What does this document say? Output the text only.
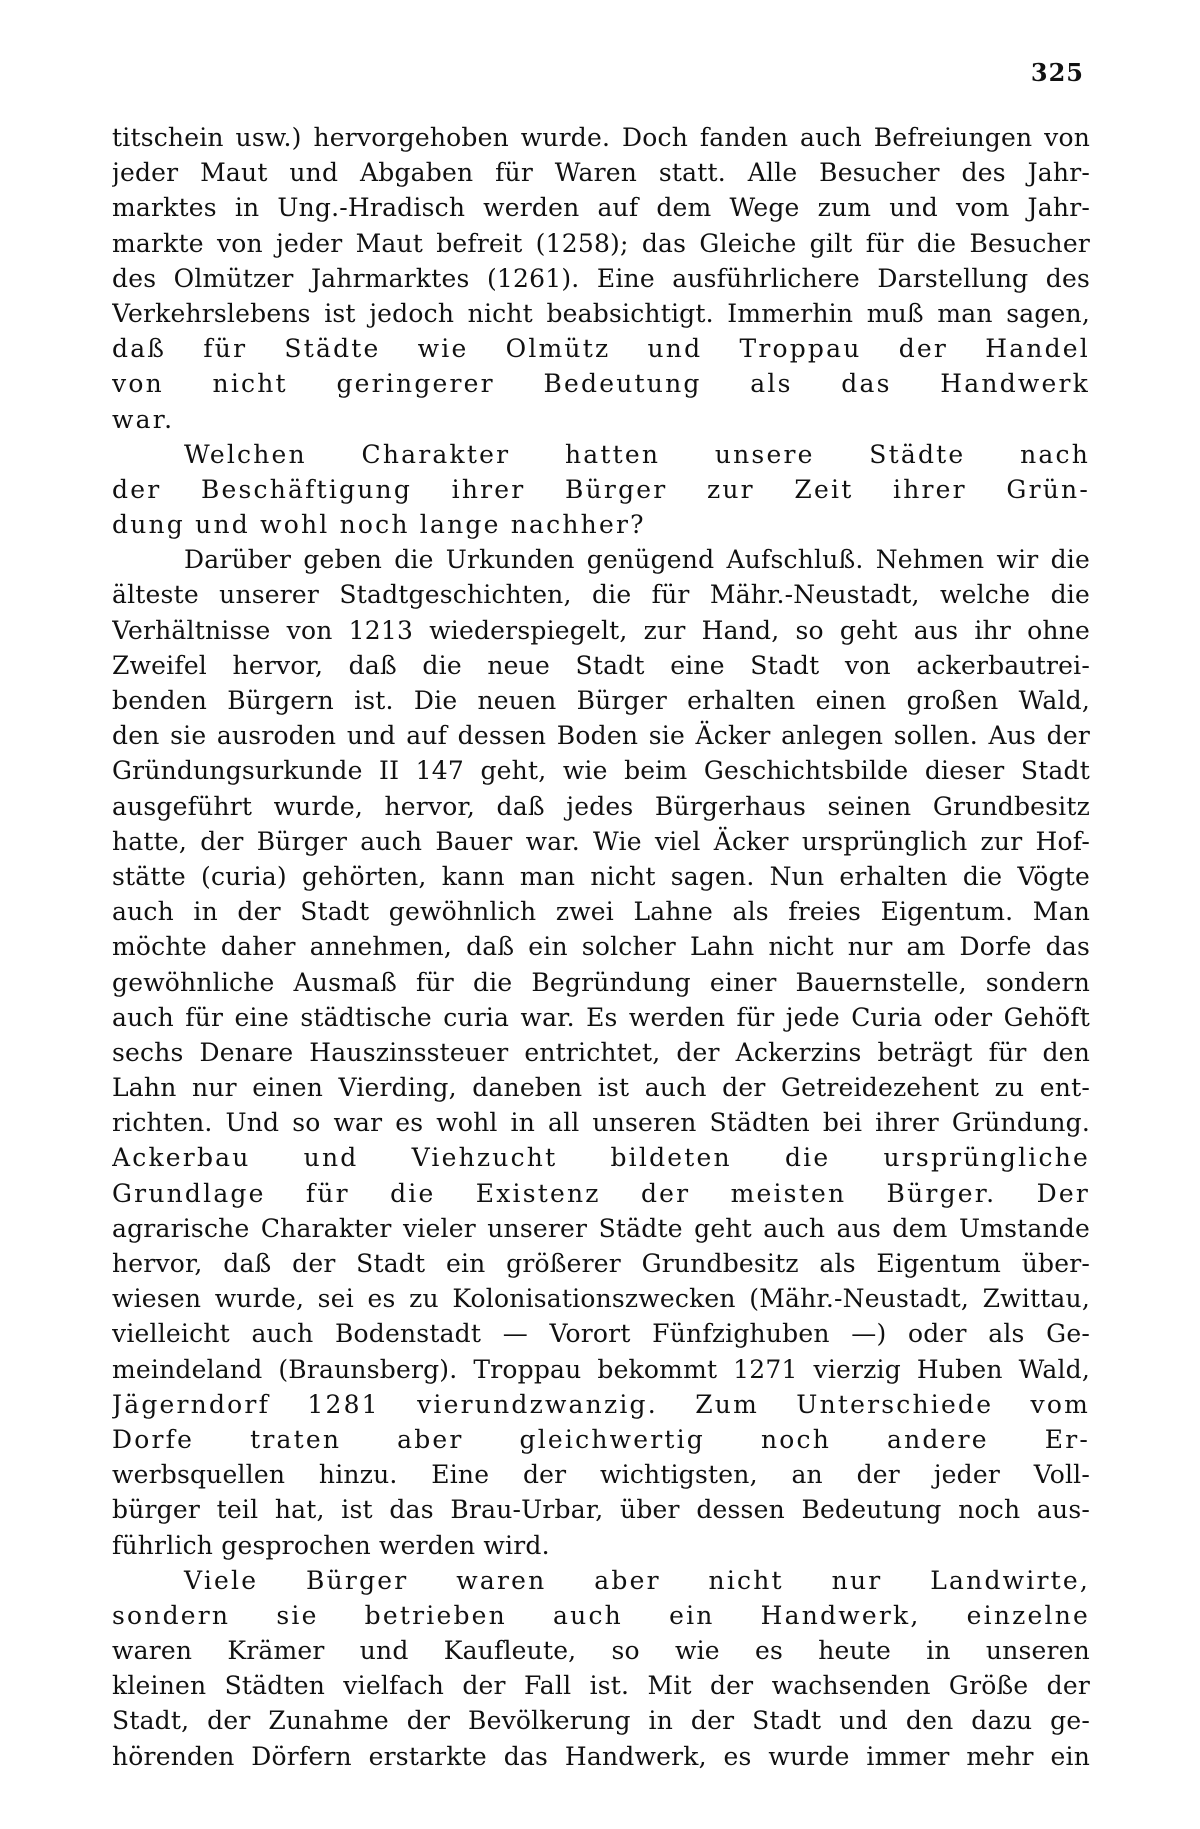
325
titschein usw.) hervorgehoben wurde. Doch fanden auch Befreiungen von
jeder Maut und Abgaben für Waren statt. Alle Besucher des Jahr-
marktes in Ung.-Hradisch werden auf dem Wege zum und vom Jahr-
markte von jeder Maut befreit (1258); das Gleiche gilt für die Besucher
des Olmützer Jahrmarktes (1261). Eine ausführlichere Darstellung des
Verkehrslebens ist jedoch nicht beabsichtigt. Immerhin muß man sagen,
daß für Städte wie Olmütz und Troppau der Handel
von nicht geringerer Bedeutung als das Handwerk
war.
Welchen Charakter hatten unsere Städte nach
der Beschäftigung ihrer Bürger zur Zeit ihrer Grün-
dung und wohl noch lange nachher?
Darüber geben die Urkunden genügend Aufschluß. Nehmen wir die
älteste unserer Stadtgeschichten, die für Mähr.-Neustadt, welche die
Verhältnisse von 1213 wiederspiegelt, zur Hand, so geht aus ihr ohne
Zweifel hervor, daß die neue Stadt eine Stadt von ackerbautrei-
benden Bürgern ist. Die neuen Bürger erhalten einen großen Wald,
den sie ausroden und auf dessen Boden sie Äcker anlegen sollen. Aus der
Gründungsurkunde II 147 geht, wie beim Geschichtsbilde dieser Stadt
ausgeführt wurde, hervor, daß jedes Bürgerhaus seinen Grundbesitz
hatte, der Bürger auch Bauer war. Wie viel Äcker ursprünglich zur Hof-
stätte (curia) gehörten, kann man nicht sagen. Nun erhalten die Vögte
auch in der Stadt gewöhnlich zwei Lahne als freies Eigentum. Man
möchte daher annehmen, daß ein solcher Lahn nicht nur am Dorfe das
gewöhnliche Ausmaß für die Begründung einer Bauernstelle, sondern
auch für eine städtische curia war. Es werden für jede Curia oder Gehöft
sechs Denare Hauszinssteuer entrichtet, der Ackerzins beträgt für den
Lahn nur einen Vierding, daneben ist auch der Getreidezehent zu ent-
richten. Und so war es wohl in all unseren Städten bei ihrer Gründung.
Ackerbau und Viehzucht bildeten die ursprüngliche
Grundlage für die Existenz der meisten Bürger. Der
agrarische Charakter vieler unserer Städte geht auch aus dem Umstande
hervor, daß der Stadt ein größerer Grundbesitz als Eigentum über-
wiesen wurde, sei es zu Kolonisationszwecken (Mähr.-Neustadt, Zwittau,
vielleicht auch Bodenstadt — Vorort Fünfzighuben —) oder als Ge-
meindeland (Braunsberg). Troppau bekommt 1271 vierzig Huben Wald,
Jägerndorf 1281 vierundzwanzig. Zum Unterschiede vom
Dorfe traten aber gleichwertig noch andere Er-
werbsquellen hinzu. Eine der wichtigsten, an der jeder Voll-
bürger teil hat, ist das Brau-Urbar, über dessen Bedeutung noch aus-
führlich gesprochen werden wird.
Viele Bürger waren aber nicht nur Landwirte,
sondern sie betrieben auch ein Handwerk, einzelne
waren Krämer und Kaufleute, so wie es heute in unseren
kleinen Städten vielfach der Fall ist. Mit der wachsenden Größe der
Stadt, der Zunahme der Bevölkerung in der Stadt und den dazu ge-
hörenden Dörfern erstarkte das Handwerk, es wurde immer mehr ein
